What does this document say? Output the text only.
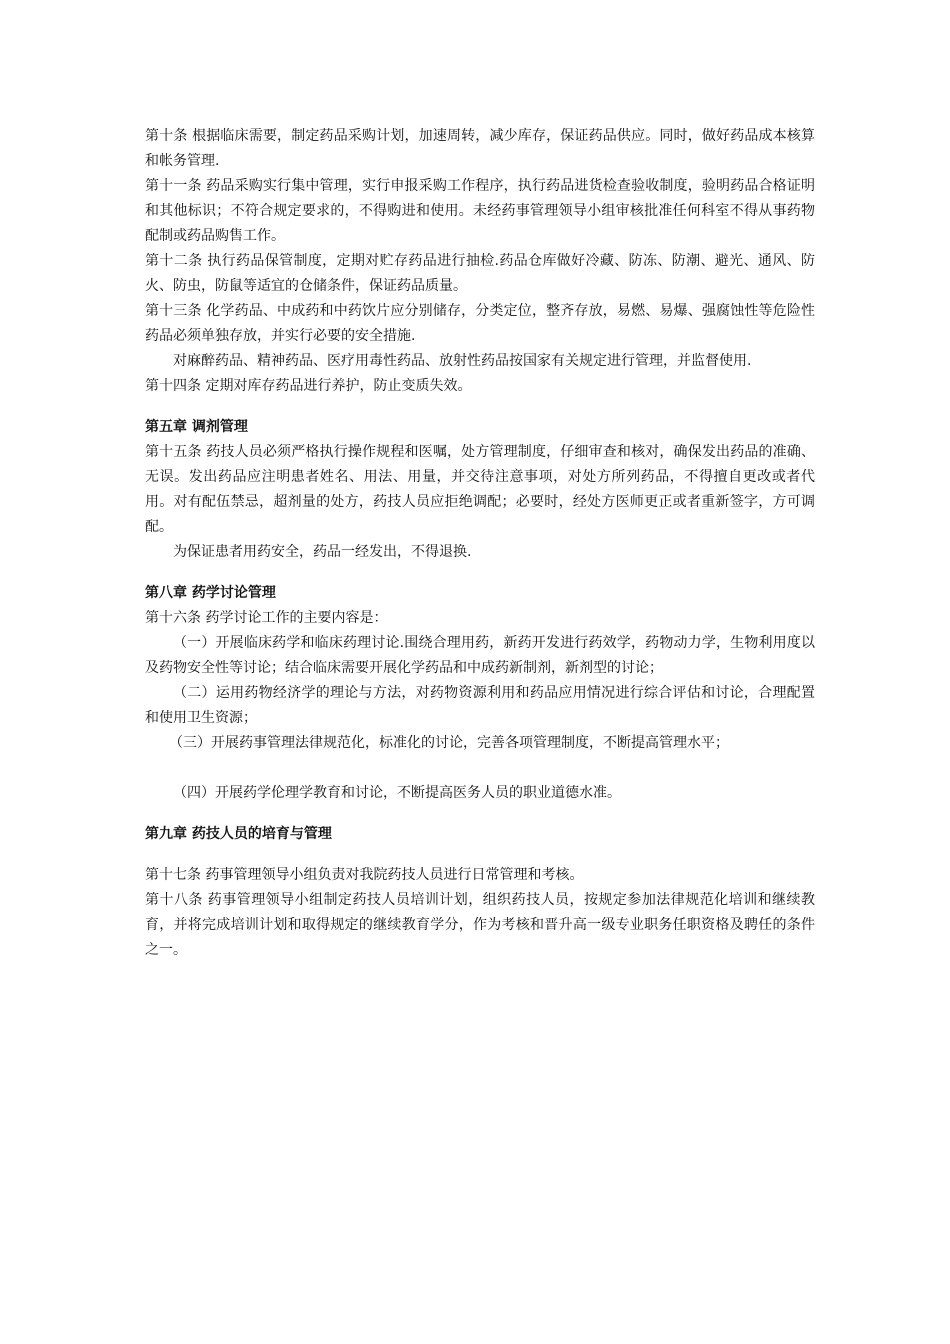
第十条 根据临床需要，制定药品采购计划，加速周转，减少库存，保证药品供应。同时，做好药品成本核算和帐务管理.

第十一条 药品采购实行集中管理，实行申报采购工作程序，执行药品进货检查验收制度，验明药品合格证明和其他标识；不符合规定要求的，不得购进和使用。未经药事管理领导小组审核批准任何科室不得从事药物配制或药品购售工作。

第十二条 执行药品保管制度，定期对贮存药品进行抽检.药品仓库做好冷藏、防冻、防潮、避光、通风、防火、防虫，防鼠等适宜的仓储条件，保证药品质量。

第十三条 化学药品、中成药和中药饮片应分别储存，分类定位，整齐存放，易燃、易爆、强腐蚀性等危险性药品必须单独存放，并实行必要的安全措施.

对麻醉药品、精神药品、医疗用毒性药品、放射性药品按国家有关规定进行管理，并监督使用.

第十四条 定期对库存药品进行养护，防止变质失效。

第五章 调剂管理

第十五条 药技人员必须严格执行操作规程和医嘱，处方管理制度，仔细审查和核对，确保发出药品的准确、无误。发出药品应注明患者姓名、用法、用量，并交待注意事项，对处方所列药品，不得擅自更改或者代用。对有配伍禁忌，超剂量的处方，药技人员应拒绝调配；必要时，经处方医师更正或者重新签字，方可调配。

为保证患者用药安全，药品一经发出，不得退换.

第八章 药学讨论管理

第十六条 药学讨论工作的主要内容是：

（一）开展临床药学和临床药理讨论.围绕合理用药，新药开发进行药效学，药物动力学，生物利用度以及药物安全性等讨论；结合临床需要开展化学药品和中成药新制剂，新剂型的讨论；

（二）运用药物经济学的理论与方法，对药物资源利用和药品应用情况进行综合评估和讨论，合理配置和使用卫生资源；

（三）开展药事管理法律规范化，标准化的讨论，完善各项管理制度，不断提高管理水平；

（四）开展药学伦理学教育和讨论，不断提高医务人员的职业道德水准。

第九章 药技人员的培育与管理

第十七条 药事管理领导小组负责对我院药技人员进行日常管理和考核。

第十八条 药事管理领导小组制定药技人员培训计划，组织药技人员，按规定参加法律规范化培训和继续教育，并将完成培训计划和取得规定的继续教育学分，作为考核和晋升高一级专业职务任职资格及聘任的条件之一。
